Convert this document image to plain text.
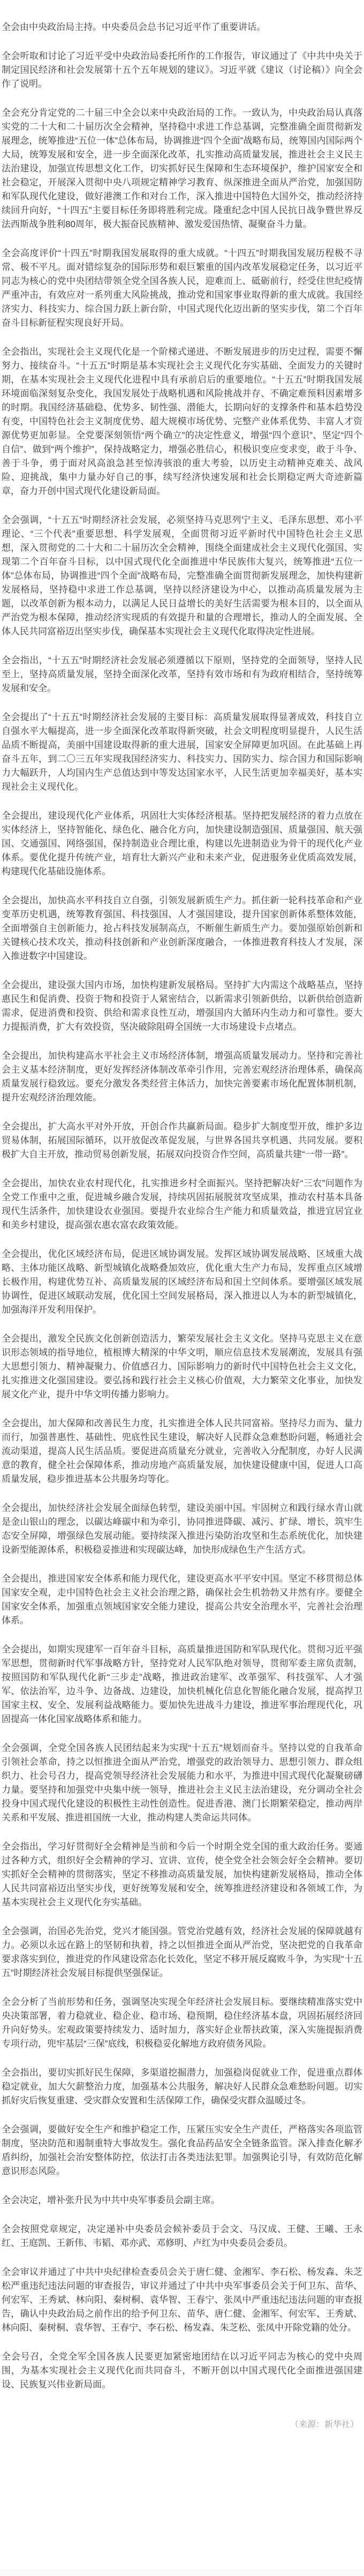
全会由中央政治局主持。中央委员会总书记习近平作了重要讲话。

全会听取和讨论了习近平受中央政治局委托所作的工作报告，审议通过了《中共中央关于制定国民经济和社会发展第十五个五年规划的建议》。习近平就《建议（讨论稿）》向全会作了说明。

全会充分肯定党的二十届三中全会以来中央政治局的工作。一致认为，中央政治局认真落实党的二十大和二十届历次全会精神，坚持稳中求进工作总基调，完整准确全面贯彻新发展理念，统筹推进“五位一体”总体布局，协调推进“四个全面”战略布局，统筹国内国际两个大局，统筹发展和安全，进一步全面深化改革，扎实推动高质量发展，推进社会主义民主法治建设，加强宣传思想文化工作，切实抓好民生保障和生态环境保护，维护国家安全和社会稳定，开展深入贯彻中央八项规定精神学习教育、纵深推进全面从严治党，加强国防和军队现代化建设，做好港澳工作和对台工作，深入推进中国特色大国外交，推动经济持续回升向好，“十四五”主要目标任务即将胜利完成。隆重纪念中国人民抗日战争暨世界反法西斯战争胜利80周年，极大振奋民族精神、激发爱国热情、凝聚奋斗力量。

全会高度评价“十四五”时期我国发展取得的重大成就。“十四五”时期我国发展历程极不寻常、极不平凡。面对错综复杂的国际形势和艰巨繁重的国内改革发展稳定任务，以习近平同志为核心的党中央团结带领全党全国各族人民，迎难而上、砥砺前行，经受住世纪疫情严重冲击，有效应对一系列重大风险挑战，推动党和国家事业取得新的重大成就。我国经济实力、科技实力、综合国力跃上新台阶，中国式现代化迈出新的坚实步伐，第二个百年奋斗目标新征程实现良好开局。

全会指出，实现社会主义现代化是一个阶梯式递进、不断发展进步的历史过程，需要不懈努力、接续奋斗。“十五五”时期是基本实现社会主义现代化夯实基础、全面发力的关键时期，在基本实现社会主义现代化进程中具有承前启后的重要地位。“十五五”时期我国发展环境面临深刻复杂变化，我国发展处于战略机遇和风险挑战并存、不确定难预料因素增多的时期。我国经济基础稳、优势多、韧性强、潜能大，长期向好的支撑条件和基本趋势没有变，中国特色社会主义制度优势、超大规模市场优势、完整产业体系优势、丰富人才资源优势更加彰显。全党要深刻领悟“两个确立”的决定性意义，增强“四个意识”、坚定“四个自信”、做到“两个维护”，保持战略定力，增强必胜信心，积极识变应变求变，敢于斗争、善于斗争，勇于面对风高浪急甚至惊涛骇浪的重大考验，以历史主动精神克难关、战风险、迎挑战，集中力量办好自己的事，续写经济快速发展和社会长期稳定两大奇迹新篇章，奋力开创中国式现代化建设新局面。

全会强调，“十五五”时期经济社会发展，必须坚持马克思列宁主义、毛泽东思想、邓小平理论、“三个代表”重要思想、科学发展观，全面贯彻习近平新时代中国特色社会主义思想，深入贯彻党的二十大和二十届历次全会精神，围绕全面建成社会主义现代化强国、实现第二个百年奋斗目标，以中国式现代化全面推进中华民族伟大复兴，统筹推进“五位一体”总体布局，协调推进“四个全面”战略布局，完整准确全面贯彻新发展理念，加快构建新发展格局，坚持稳中求进工作总基调，坚持以经济建设为中心，以推动高质量发展为主题，以改革创新为根本动力，以满足人民日益增长的美好生活需要为根本目的，以全面从严治党为根本保障，推动经济实现质的有效提升和量的合理增长，推动人的全面发展、全体人民共同富裕迈出坚实步伐，确保基本实现社会主义现代化取得决定性进展。

全会指出，“十五五”时期经济社会发展必须遵循以下原则，坚持党的全面领导，坚持人民至上，坚持高质量发展，坚持全面深化改革，坚持有效市场和有为政府相结合，坚持统筹发展和安全。

全会提出了“十五五”时期经济社会发展的主要目标：高质量发展取得显著成效，科技自立自强水平大幅提高，进一步全面深化改革取得新突破，社会文明程度明显提升，人民生活品质不断提高，美丽中国建设取得新的重大进展，国家安全屏障更加巩固。在此基础上再奋斗五年，到二〇三五年实现我国经济实力、科技实力、国防实力、综合国力和国际影响力大幅跃升，人均国内生产总值达到中等发达国家水平，人民生活更加幸福美好，基本实现社会主义现代化。

全会提出，建设现代化产业体系，巩固壮大实体经济根基。坚持把发展经济的着力点放在实体经济上，坚持智能化、绿色化、融合化方向，加快建设制造强国、质量强国、航天强国、交通强国、网络强国，保持制造业合理比重，构建以先进制造业为骨干的现代化产业体系。要优化提升传统产业，培育壮大新兴产业和未来产业，促进服务业优质高效发展，构建现代化基础设施体系。

全会提出，加快高水平科技自立自强，引领发展新质生产力。抓住新一轮科技革命和产业变革历史机遇，统筹教育强国、科技强国、人才强国建设，提升国家创新体系整体效能，全面增强自主创新能力，抢占科技发展制高点，不断催生新质生产力。要加强原始创新和关键核心技术攻关，推动科技创新和产业创新深度融合，一体推进教育科技人才发展，深入推进数字中国建设。

全会提出，建设强大国内市场，加快构建新发展格局。坚持扩大内需这个战略基点，坚持惠民生和促消费、投资于物和投资于人紧密结合，以新需求引领新供给，以新供给创造新需求，促进消费和投资、供给和需求良性互动，增强国内大循环内生动力和可靠性。要大力提振消费，扩大有效投资，坚决破除阻碍全国统一大市场建设卡点堵点。

全会提出，加快构建高水平社会主义市场经济体制，增强高质量发展动力。坚持和完善社会主义基本经济制度，更好发挥经济体制改革牵引作用，完善宏观经济治理体系，确保高质量发展行稳致远。要充分激发各类经营主体活力，加快完善要素市场化配置体制机制，提升宏观经济治理效能。

全会提出，扩大高水平对外开放，开创合作共赢新局面。稳步扩大制度型开放，维护多边贸易体制，拓展国际循环，以开放促改革促发展，与世界各国共享机遇、共同发展。要积极扩大自主开放，推动贸易创新发展，拓展双向投资合作空间，高质量共建“一带一路”。

全会提出，加快农业农村现代化，扎实推进乡村全面振兴。坚持把解决好“三农”问题作为全党工作重中之重，促进城乡融合发展，持续巩固拓展脱贫攻坚成果，推动农村基本具备现代生活条件，加快建设农业强国。要提升农业综合生产能力和质量效益，推进宜居宜业和美乡村建设，提高强农惠农富农政策效能。

全会提出，优化区域经济布局，促进区域协调发展。发挥区域协调发展战略、区域重大战略、主体功能区战略、新型城镇化战略叠加效应，优化重大生产力布局，发挥重点区域增长极作用，构建优势互补、高质量发展的区域经济布局和国土空间体系。要增强区域发展协调性，促进区域联动发展，优化国土空间发展格局，深入推进以人为本的新型城镇化，加强海洋开发利用保护。

全会提出，激发全民族文化创新创造活力，繁荣发展社会主义文化。坚持马克思主义在意识形态领域的指导地位，植根博大精深的中华文明，顺应信息技术发展潮流，发展具有强大思想引领力、精神凝聚力、价值感召力、国际影响力的新时代中国特色社会主义文化，扎实推进文化强国建设。要弘扬和践行社会主义核心价值观，大力繁荣文化事业，加快发展文化产业，提升中华文明传播力影响力。

全会提出，加大保障和改善民生力度，扎实推进全体人民共同富裕。坚持尽力而为、量力而行，加强普惠性、基础性、兜底性民生建设，解决好人民群众急难愁盼问题，畅通社会流动渠道，提高人民生活品质。要促进高质量充分就业，完善收入分配制度，办好人民满意的教育，健全社会保障体系，推动房地产高质量发展，加快建设健康中国，促进人口高质量发展，稳步推进基本公共服务均等化。

全会提出，加快经济社会发展全面绿色转型，建设美丽中国。牢固树立和践行绿水青山就是金山银山的理念，以碳达峰碳中和为牵引，协同推进降碳、减污、扩绿、增长，筑牢生态安全屏障，增强绿色发展动能。要持续深入推进污染防治攻坚和生态系统优化，加快建设新型能源体系，积极稳妥推进和实现碳达峰，加快形成绿色生产生活方式。

全会提出，推进国家安全体系和能力现代化，建设更高水平平安中国。坚定不移贯彻总体国家安全观，走中国特色社会主义社会治理之路，确保社会生机勃勃又井然有序。要健全国家安全体系，加强重点领域国家安全能力建设，提高公共安全治理水平，完善社会治理体系。

全会提出，如期实现建军一百年奋斗目标，高质量推进国防和军队现代化。贯彻习近平强军思想，贯彻新时代军事战略方针，坚持党对人民军队绝对领导，贯彻军委主席负责制，按照国防和军队现代化新“三步走”战略，推进政治建军、改革强军、科技强军、人才强军、依法治军，边斗争、边备战、边建设，加快机械化信息化智能化融合发展，提高捍卫国家主权、安全、发展利益战略能力。要加快先进战斗力建设，推进军事治理现代化，巩固提高一体化国家战略体系和能力。

全会强调，全党全国各族人民团结起来为实现“十五五”规划而奋斗。坚持以党的自我革命引领社会革命，持之以恒推进全面从严治党，增强党的政治领导力、思想引领力、群众组织力、社会号召力，提高党领导经济社会发展能力和水平，为推进中国式现代化凝聚磅礴力量。要坚持和加强党中央集中统一领导，推进社会主义民主法治建设，充分调动全社会投身中国式现代化建设的积极性主动性创造性。促进香港、澳门长期繁荣稳定，推动两岸关系和平发展、推进祖国统一大业，推动构建人类命运共同体。

全会指出，学习好贯彻好全会精神是当前和今后一个时期全党全国的重大政治任务。要通过各种方式，组织好全会精神的学习、宣讲、宣传，使全党全社会领会好全会精神。要切实抓好全会精神的贯彻落实，坚定不移推动高质量发展，加快构建新发展格局，推动全体人民共同富裕迈出坚实步伐，更好统筹发展和安全，统筹推进经济建设和各领域工作，为基本实现社会主义现代化夯实基础。

全会强调，治国必先治党，党兴才能国强。管党治党越有效，经济社会发展的保障就越有力。必须以永远在路上的坚韧和执着，持之以恒推进全面从严治党，坚决把党的自我革命要求落实到位，推进党的作风建设常态化长效化，坚定不移开展反腐败斗争，为实现“十五五”时期经济社会发展目标提供坚强保证。

全会分析了当前形势和任务，强调坚决实现全年经济社会发展目标。要继续精准落实党中央决策部署，着力稳就业、稳企业、稳市场、稳预期，稳住经济基本盘，巩固拓展经济回升向好势头。宏观政策要持续发力、适时加力，落实好企业帮扶政策，深入实施提振消费专项行动，兜牢基层“三保”底线，积极稳妥化解地方政府债务风险。

全会指出，要切实抓好民生保障，多渠道挖掘潜力，加强稳岗促就业工作，促进重点群体稳定就业，加大欠薪整治力度，加强基本公共服务，解决好人民群众急难愁盼问题。切实抓好灾后恢复重建、受灾群众安置和生活保障工作，确保受灾群众温暖过冬。

全会强调，要做好安全生产和维护稳定工作，压紧压实安全生产责任，严格落实各项监管制度，坚决防范和遏制重特大事故发生。强化食品药品安全全链条监管。深入排查化解矛盾纠纷，加强社会治安整体防控，依法打击各类违法犯罪。加强舆论引导，有效防范化解意识形态风险。

全会决定，增补张升民为中共中央军事委员会副主席。

全会按照党章规定，决定递补中央委员会候补委员于会文、马汉成、王健、王曦、王永红、王庭凯、王新伟、韦韬、邓亦武、邓修明、卢红为中央委员会委员。

全会审议并通过了中共中央纪律检查委员会关于唐仁健、金湘军、李石松、杨发森、朱芝松严重违纪违法问题的审查报告，审议并通过了中共中央军事委员会关于何卫东、苗华、何宏军、王秀斌、林向阳、秦树桐、袁华智、王春宁、张凤中严重违纪违法问题的审查报告，确认中央政治局之前作出的给予何卫东、苗华、唐仁健、金湘军、何宏军、王秀斌、林向阳、秦树桐、袁华智、王春宁、李石松、杨发森、朱芝松、张凤中开除党籍的处分。

全会号召，全党全军全国各族人民要更加紧密地团结在以习近平同志为核心的党中央周围，为基本实现社会主义现代化而共同奋斗，不断开创以中国式现代化全面推进强国建设、民族复兴伟业新局面。

（来源：新华社）
